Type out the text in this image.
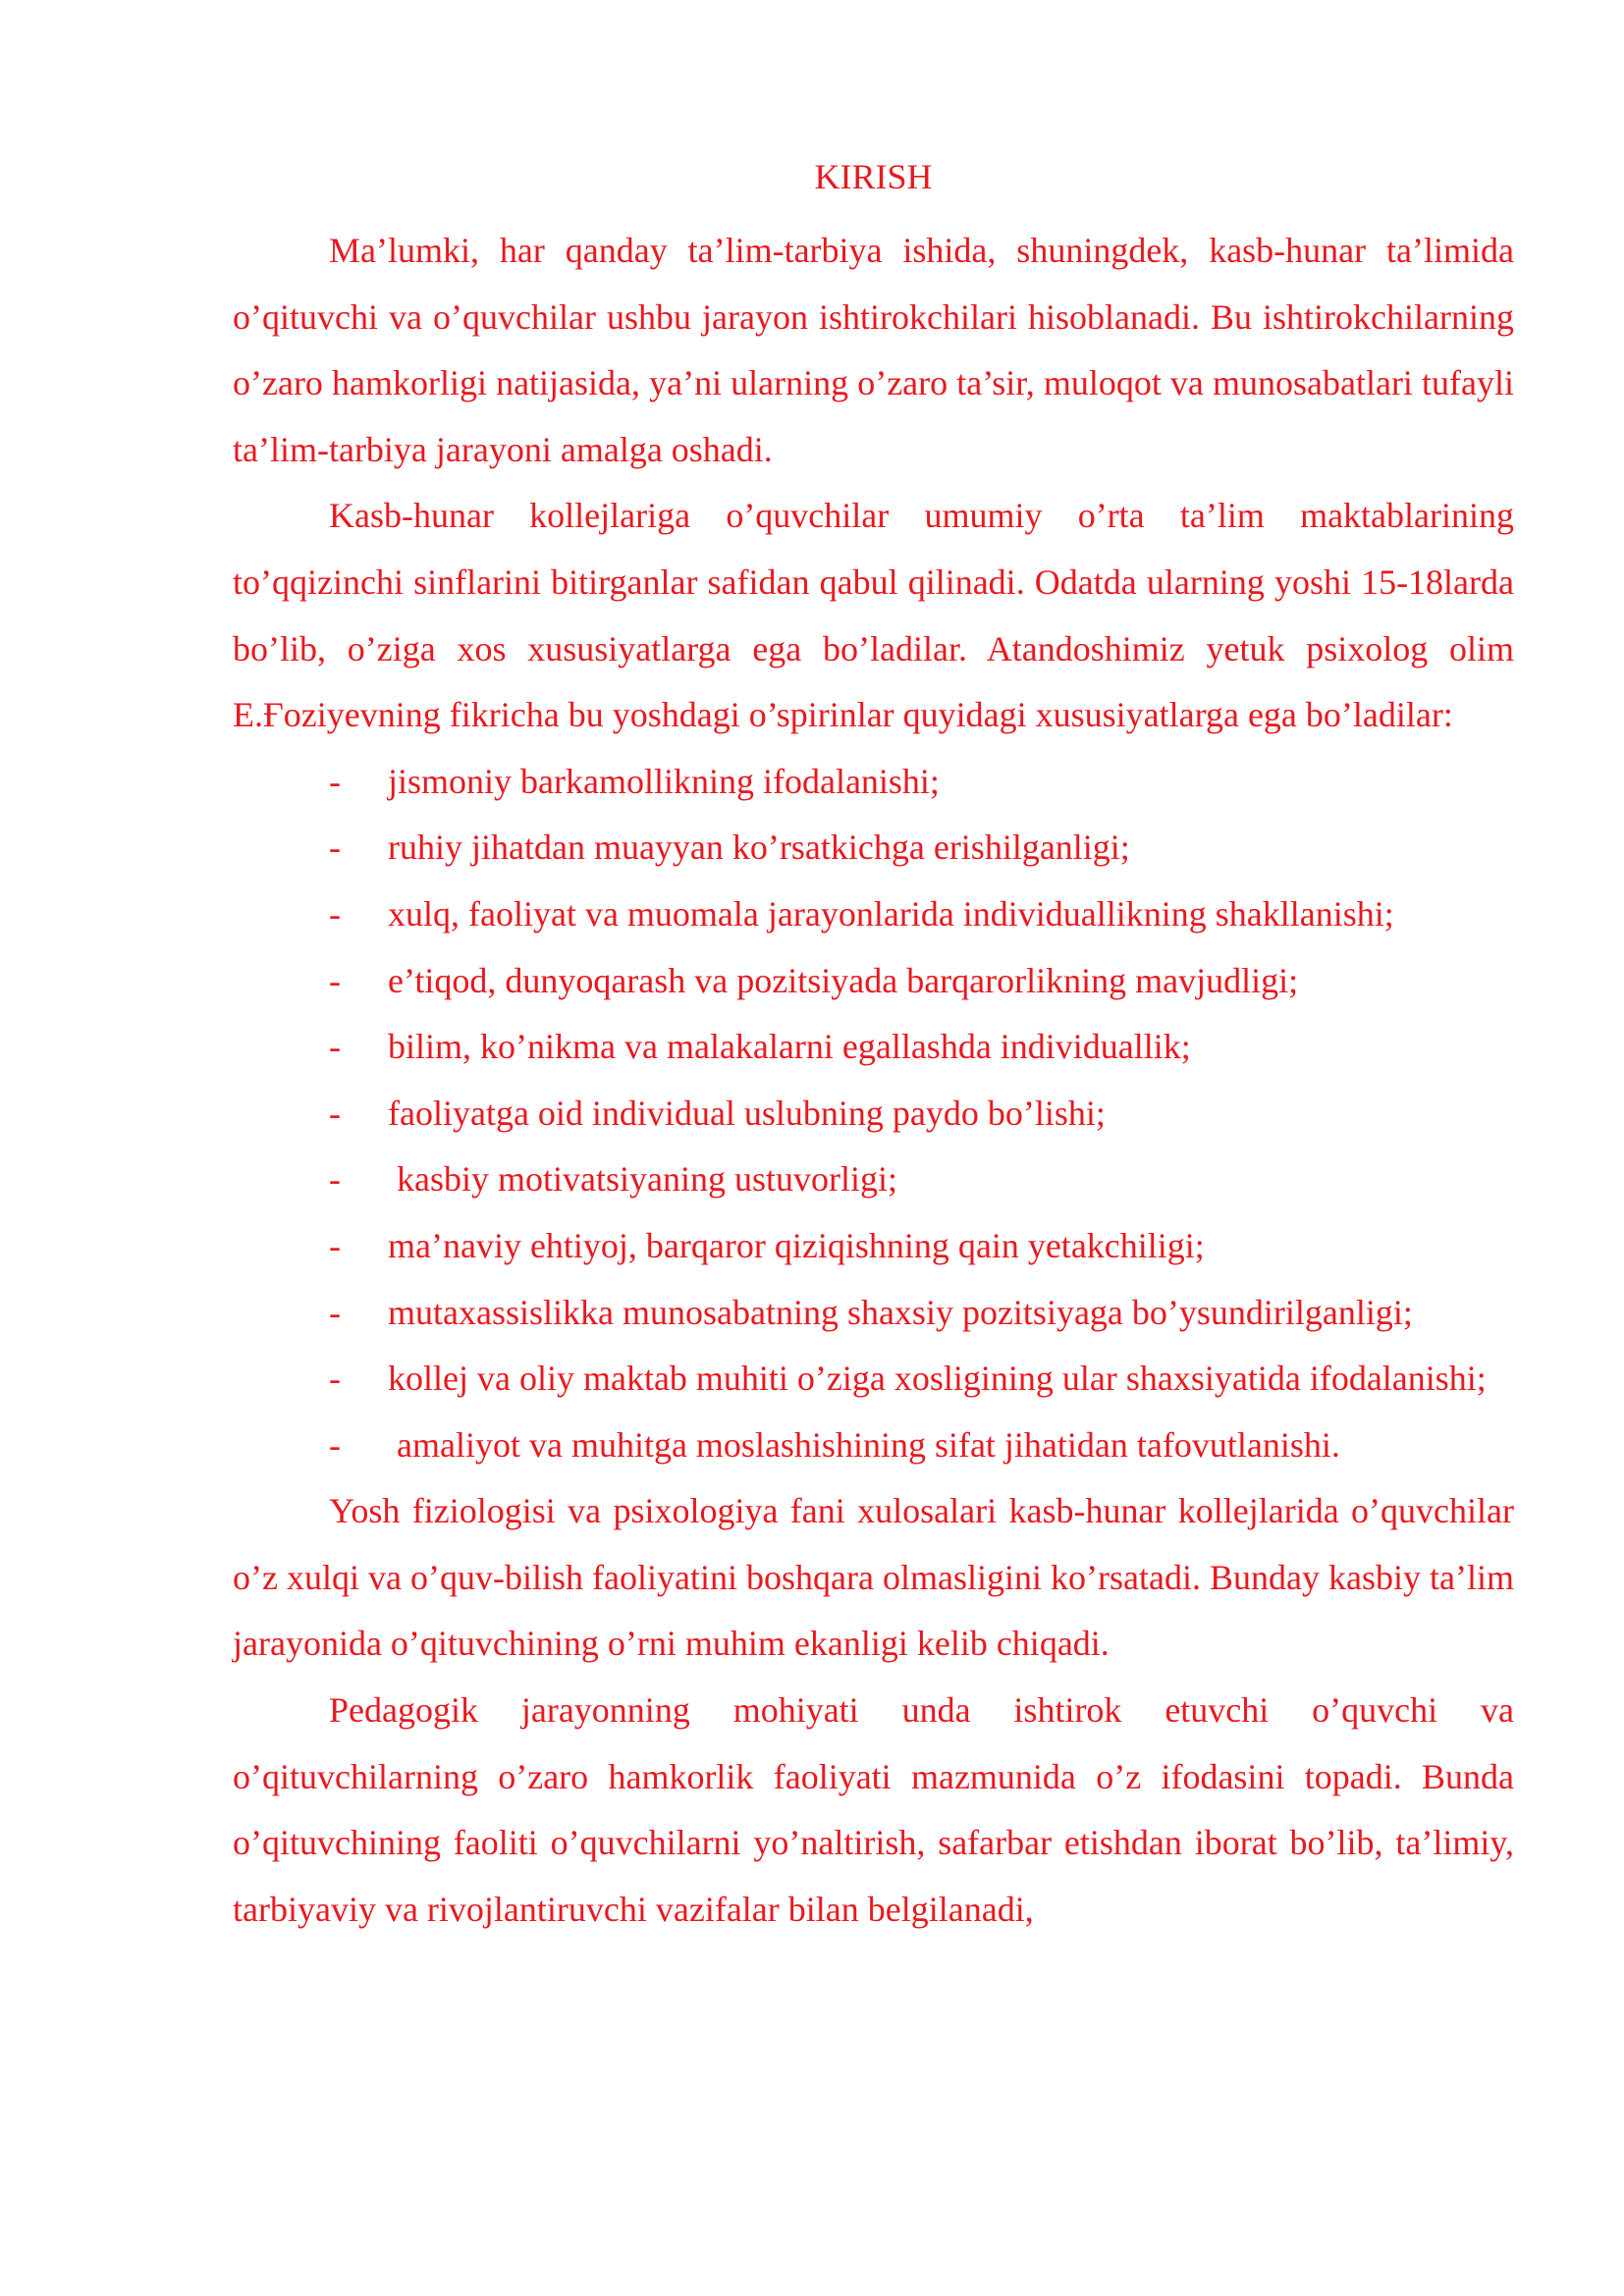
KIRISH

Ma’lumki, har qanday ta’lim-tarbiya ishida, shuningdek, kasb-hunar ta’limida o’qituvchi va o’quvchilar ushbu jarayon ishtirokchilari hisoblanadi. Bu ishtirokchilarning o’zaro hamkorligi natijasida, ya’ni ularning o’zaro ta’sir, muloqot va munosabatlari tufayli ta’lim-tarbiya jarayoni amalga oshadi.

Kasb-hunar kollejlariga o’quvchilar umumiy o’rta ta’lim maktablarining to’qqizinchi sinflarini bitirganlar safidan qabul qilinadi. Odatda ularning yoshi 15-18larda bo’lib, o’ziga xos xususiyatlarga ega bo’ladilar. Atandoshimiz yetuk psixolog olim E.Ғoziyevning fikricha bu yoshdagi o’spirinlar quyidagi xususiyatlarga ega bo’ladilar:

- jismoniy barkamollikning ifodalanishi;
- ruhiy jihatdan muayyan ko’rsatkichga erishilganligi;
- xulq, faoliyat va muomala jarayonlarida individuallikning shakllanishi;
- e’tiqod, dunyoqarash va pozitsiyada barqarorlikning mavjudligi;
- bilim, ko’nikma va malakalarni egallashda individuallik;
- faoliyatga oid individual uslubning paydo bo’lishi;
- kasbiy motivatsiyaning ustuvorligi;
- ma’naviy ehtiyoj, barqaror qiziqishning qain yetakchiligi;
- mutaxassislikka munosabatning shaxsiy pozitsiyaga bo’ysundirilganligi;
- kollej va oliy maktab muhiti o’ziga xosligining ular shaxsiyatida ifodalanishi;
- amaliyot va muhitga moslashishining sifat jihatidan tafovutlanishi.

Yosh fiziologisi va psixologiya fani xulosalari kasb-hunar kollejlarida o’quvchilar o’z xulqi va o’quv-bilish faoliyatini boshqara olmasligini ko’rsatadi. Bunday kasbiy ta’lim jarayonida o’qituvchining o’rni muhim ekanligi kelib chiqadi.

Pedagogik jarayonning mohiyati unda ishtirok etuvchi o’quvchi va o’qituvchilarning o’zaro hamkorlik faoliyati mazmunida o’z ifodasini topadi. Bunda o’qituvchining faoliti o’quvchilarni yo’naltirish, safarbar etishdan iborat bo’lib, ta’limiy, tarbiyaviy va rivojlantiruvchi vazifalar bilan belgilanadi,
